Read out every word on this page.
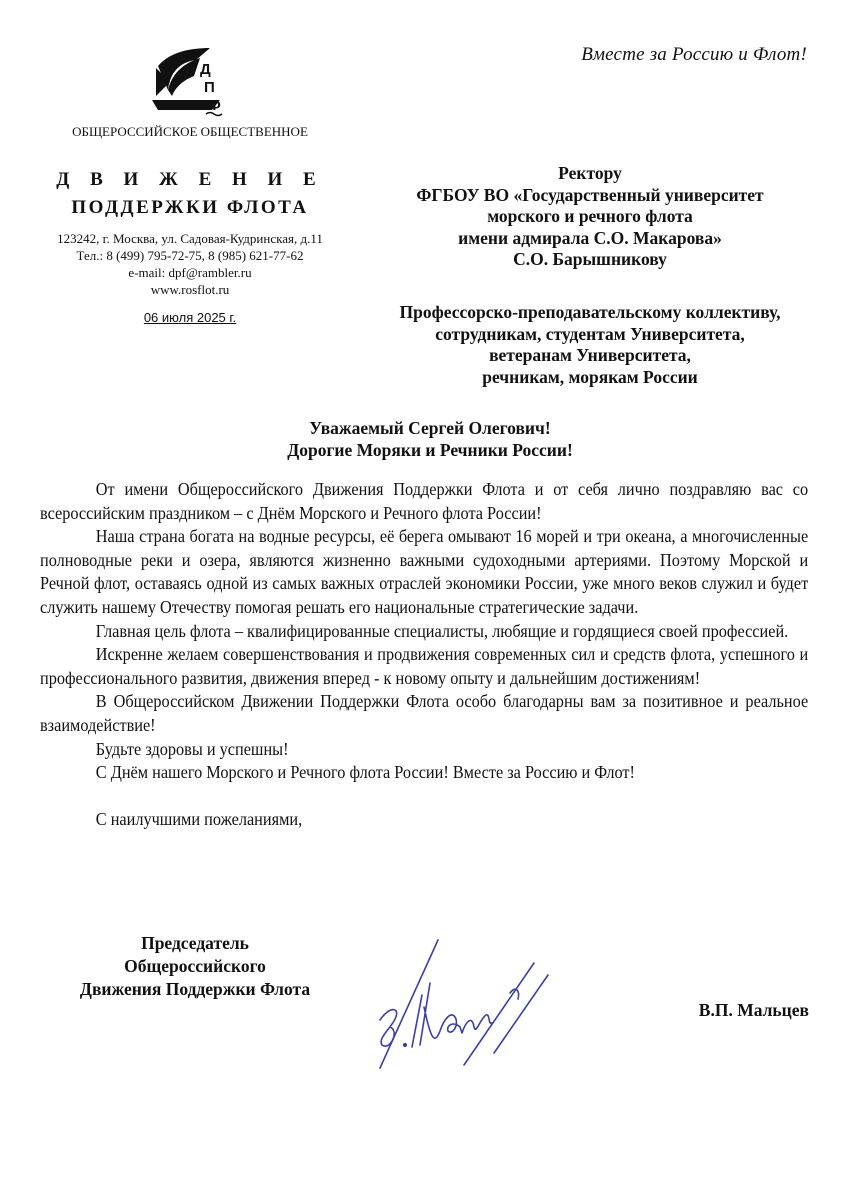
Вместе за Россию и Флот!
Д
П
Ф
ОБЩЕРОССИЙСКОЕ ОБЩЕСТВЕННОЕ
Д В И Ж Е Н И Е
ПОДДЕРЖКИ ФЛОТА
123242, г. Москва, ул. Садовая-Кудринская, д.11
Тел.: 8 (499) 795-72-75, 8 (985) 621-77-62
e-mail: dpf@rambler.ru
www.rosflot.ru
06 июля 2025 г.
Ректору
ФГБОУ ВО «Государственный университет
морского и речного флота
имени адмирала С.О. Макарова»
С.О. Барышникову
Профессорско-преподавательскому коллективу,
сотрудникам, студентам Университета,
ветеранам Университета,
речникам, морякам России
Уважаемый Сергей Олегович!
Дорогие Моряки и Речники России!

От имени Общероссийского Движения Поддержки Флота и от себя лично поздравляю вас со всероссийским праздником – с Днём Морского и Речного флота России!

Наша страна богата на водные ресурсы, её берега омывают 16 морей и три океана, а многочисленные полноводные реки и озера, являются жизненно важными судоходными артериями. Поэтому Морской и Речной флот, оставаясь одной из самых важных отраслей экономики России, уже много веков служил и будет служить нашему Отечеству помогая решать его национальные стратегические задачи.

Главная цель флота – квалифицированные специалисты, любящие и гордящиеся своей профессией.

Искренне желаем совершенствования и продвижения современных сил и средств флота, успешного и профессионального развития, движения вперед - к новому опыту и дальнейшим достижениям!

В Общероссийском Движении Поддержки Флота особо благодарны вам за позитивное и реальное взаимодействие!

Будьте здоровы и успешны!

С Днём нашего Морского и Речного флота России! Вместе за Россию и Флот!

С наилучшими пожеланиями,

Председатель
Общероссийского
Движения Поддержки Флота
В.П. Мальцев
